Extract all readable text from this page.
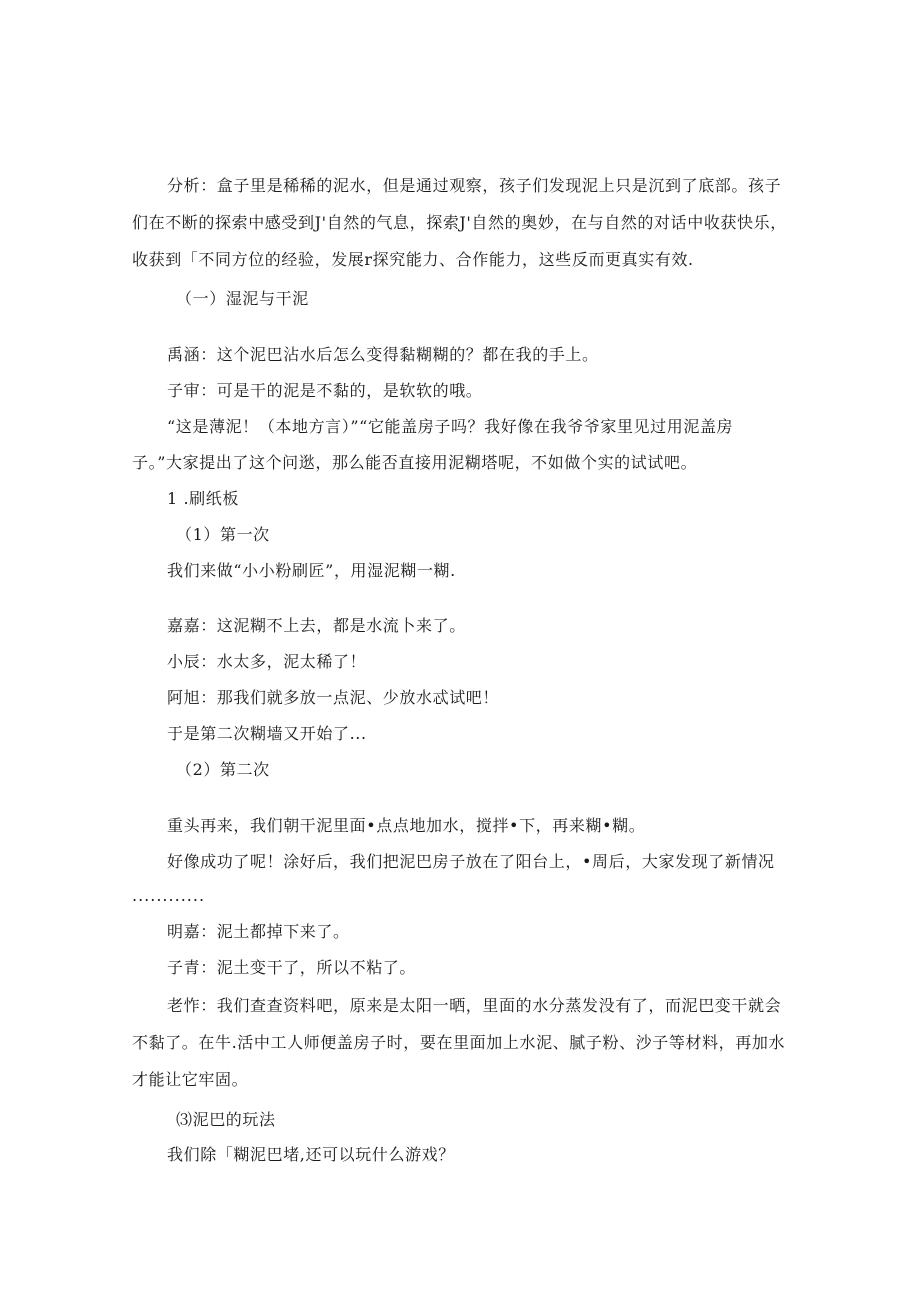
分析：盒子里是稀稀的泥水，但是通过观察，孩子们发现泥上只是沉到了底部。孩子
们在不断的探索中感受到J'自然的气息，探索J'自然的奥妙，在与自然的对话中收获快乐，
收获到「不同方位的经验，发展r探究能力、合作能力，这些反而更真实有效.
（一）湿泥与干泥
禹涵：这个泥巴沾水后怎么变得黏糊糊的？都在我的手上。
子审：可是干的泥是不黏的，是软软的哦。
“这是薄泥！（本地方言）”“它能盖房子吗？我好像在我爷爷家里见过用泥盖房
子。”大家提出了这个问逖，那么能否直接用泥糊塔呢，不如做个实的试试吧。
1 .刷纸板
（1）第一次
我们来做“小小粉刷匠”，用湿泥糊一糊.
嘉嘉：这泥糊不上去，都是水流卜来了。
小辰：水太多，泥太稀了！
阿旭：那我们就多放一点泥、少放水忒试吧！
于是第二次糊墙又开始了...
（2）第二次
重头再来，我们朝干泥里面•点点地加水，搅拌•下，再来糊•糊。
好像成功了呢！涂好后，我们把泥巴房子放在了阳台上，•周后，大家发现了新情况
............
明嘉：泥土都掉下来了。
子青：泥土变干了，所以不粘了。
老怍：我们查查资料吧，原来是太阳一晒，里面的水分蒸发没有了，而泥巴变干就会
不黏了。在牛.活中工人师便盖房子时，要在里面加上水泥、腻子粉、沙子等材料，再加水
才能让它牢固。
⑶泥巴的玩法
我们除「糊泥巴堵,还可以玩什么游戏？
